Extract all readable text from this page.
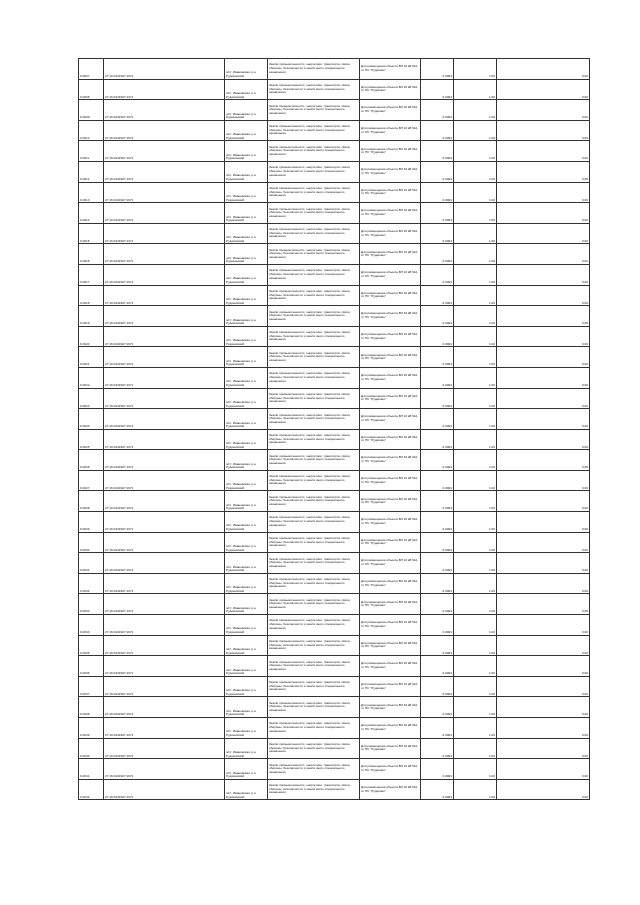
0.0007	27:16:0441907:1071	п/ст. Ивановская, р-н Рудиковский	Земли промышленности, энергетики, транспорта, связи, обороны, безопасности и земли иного специального назначения	Для размещения объекта ВЛ 10 кВ №1 от ПС "Рудиково"	0.0004	1.00	0.00
0.0008	27:16:0441907:1071	п/ст. Ивановская, р-н Рудиковский	Земли промышленности, энергетики, транспорта, связи, обороны, безопасности и земли иного специального назначения	Для размещения объекта ВЛ 10 кВ №1 от ПС "Рудиково"	0.0004	1.00	0.00
0.0009	27:16:0441907:1071	п/ст. Ивановская, р-н Рудиковский	Земли промышленности, энергетики, транспорта, связи, обороны, безопасности и земли иного специального назначения	Для размещения объекта ВЛ 10 кВ №1 от ПС "Рудиково"	0.0004	1.00	0.00
0.0010	27:16:0441907:1071	п/ст. Ивановская, р-н Рудиковский	Земли промышленности, энергетики, транспорта, связи, обороны, безопасности и земли иного специального назначения	Для размещения объекта ВЛ 10 кВ №1 от ПС "Рудиково"	0.0004	1.00	0.00
0.0011	27:16:0441907:1071	п/ст. Ивановская, р-н Рудиковский	Земли промышленности, энергетики, транспорта, связи, обороны, безопасности и земли иного специального назначения	Для размещения объекта ВЛ 10 кВ №1 от ПС "Рудиково"	0.0004	1.00	0.00
0.0012	27:16:0441907:1071	п/ст. Ивановская, р-н Рудиковский	Земли промышленности, энергетики, транспорта, связи, обороны, безопасности и земли иного специального назначения	Для размещения объекта ВЛ 10 кВ №1 от ПС "Рудиково"	0.0004	1.00	0.00
0.0013	27:16:0441907:1071	п/ст. Ивановская, р-н Рудиковский	Земли промышленности, энергетики, транспорта, связи, обороны, безопасности и земли иного специального назначения	Для размещения объекта ВЛ 10 кВ №1 от ПС "Рудиково"	0.0004	1.00	0.00
0.0014	27:16:0441907:1071	п/ст. Ивановская, р-н Рудиковский	Земли промышленности, энергетики, транспорта, связи, обороны, безопасности и земли иного специального назначения	Для размещения объекта ВЛ 10 кВ №1 от ПС "Рудиково"	0.0004	1.00	0.00
0.0015	27:16:0441907:1071	п/ст. Ивановская, р-н Рудиковский	Земли промышленности, энергетики, транспорта, связи, обороны, безопасности и земли иного специального назначения	Для размещения объекта ВЛ 10 кВ №1 от ПС "Рудиково"	0.0004	1.00	0.00
0.0016	27:16:0441907:1071	п/ст. Ивановская, р-н Рудиковский	Земли промышленности, энергетики, транспорта, связи, обороны, безопасности и земли иного специального назначения	Для размещения объекта ВЛ 10 кВ №1 от ПС "Рудиково"	0.0004	1.00	0.00
0.0017	27:16:0441907:1071	п/ст. Ивановская, р-н Рудиковский	Земли промышленности, энергетики, транспорта, связи, обороны, безопасности и земли иного специального назначения	Для размещения объекта ВЛ 10 кВ №1 от ПС "Рудиково"	0.0004	1.00	0.00
0.0018	27:16:0441907:1071	п/ст. Ивановская, р-н Рудиковский	Земли промышленности, энергетики, транспорта, связи, обороны, безопасности и земли иного специального назначения	Для размещения объекта ВЛ 10 кВ №1 от ПС "Рудиково"	0.0004	1.00	0.00
0.0019	27:16:0441907:1071	п/ст. Ивановская, р-н Рудиковский	Земли промышленности, энергетики, транспорта, связи, обороны, безопасности и земли иного специального назначения	Для размещения объекта ВЛ 10 кВ №1 от ПС "Рудиково"	0.0004	1.00	0.00
0.0020	27:16:0441907:1071	п/ст. Ивановская, р-н Рудиковский	Земли промышленности, энергетики, транспорта, связи, обороны, безопасности и земли иного специального назначения	Для размещения объекта ВЛ 10 кВ №1 от ПС "Рудиково"	0.0004	1.00	0.00
0.0021	27:16:0441907:1071	п/ст. Ивановская, р-н Рудиковский	Земли промышленности, энергетики, транспорта, связи, обороны, безопасности и земли иного специального назначения	Для размещения объекта ВЛ 10 кВ №1 от ПС "Рудиково"	0.0004	1.00	0.00
0.0022	27:16:0441907:1071	п/ст. Ивановская, р-н Рудиковский	Земли промышленности, энергетики, транспорта, связи, обороны, безопасности и земли иного специального назначения	Для размещения объекта ВЛ 10 кВ №1 от ПС "Рудиково"	0.0004	1.00	0.00
0.0023	27:16:0441907:1071	п/ст. Ивановская, р-н Рудиковский	Земли промышленности, энергетики, транспорта, связи, обороны, безопасности и земли иного специального назначения	Для размещения объекта ВЛ 10 кВ №1 от ПС "Рудиково"	0.0004	1.00	0.00
0.0024	27:16:0441907:1071	п/ст. Ивановская, р-н Рудиковский	Земли промышленности, энергетики, транспорта, связи, обороны, безопасности и земли иного специального назначения	Для размещения объекта ВЛ 10 кВ №1 от ПС "Рудиково"	0.0004	1.00	0.00
0.0025	27:16:0441907:1071	п/ст. Ивановская, р-н Рудиковский	Земли промышленности, энергетики, транспорта, связи, обороны, безопасности и земли иного специального назначения	Для размещения объекта ВЛ 10 кВ №1 от ПС "Рудиково"	0.0004	1.00	0.00
0.0026	27:16:0441907:1071	п/ст. Ивановская, р-н Рудиковский	Земли промышленности, энергетики, транспорта, связи, обороны, безопасности и земли иного специального назначения	Для размещения объекта ВЛ 10 кВ №1 от ПС "Рудиково"	0.0004	1.00	0.00
0.0027	27:16:0441907:1071	п/ст. Ивановская, р-н Рудиковский	Земли промышленности, энергетики, транспорта, связи, обороны, безопасности и земли иного специального назначения	Для размещения объекта ВЛ 10 кВ №1 от ПС "Рудиково"	0.0004	1.00	0.00
0.0028	27:16:0441907:1071	п/ст. Ивановская, р-н Рудиковский	Земли промышленности, энергетики, транспорта, связи, обороны, безопасности и земли иного специального назначения	Для размещения объекта ВЛ 10 кВ №1 от ПС "Рудиково"	0.0004	1.00	0.00
0.0029	27:16:0441907:1071	п/ст. Ивановская, р-н Рудиковский	Земли промышленности, энергетики, транспорта, связи, обороны, безопасности и земли иного специального назначения	Для размещения объекта ВЛ 10 кВ №1 от ПС "Рудиково"	0.0004	1.00	0.00
0.0030	27:16:0441907:1071	п/ст. Ивановская, р-н Рудиковский	Земли промышленности, энергетики, транспорта, связи, обороны, безопасности и земли иного специального назначения	Для размещения объекта ВЛ 10 кВ №1 от ПС "Рудиково"	0.0004	1.00	0.00
0.0031	27:16:0441907:1071	п/ст. Ивановская, р-н Рудиковский	Земли промышленности, энергетики, транспорта, связи, обороны, безопасности и земли иного специального назначения	Для размещения объекта ВЛ 10 кВ №1 от ПС "Рудиково"	0.0004	1.00	0.00
0.0032	27:16:0441907:1071	п/ст. Ивановская, р-н Рудиковский	Земли промышленности, энергетики, транспорта, связи, обороны, безопасности и земли иного специального назначения	Для размещения объекта ВЛ 10 кВ №1 от ПС "Рудиково"	0.0004	1.00	0.00
0.0033	27:16:0441907:1071	п/ст. Ивановская, р-н Рудиковский	Земли промышленности, энергетики, транспорта, связи, обороны, безопасности и земли иного специального назначения	Для размещения объекта ВЛ 10 кВ №1 от ПС "Рудиково"	0.0004	1.00	0.00
0.0034	27:16:0441907:1071	п/ст. Ивановская, р-н Рудиковский	Земли промышленности, энергетики, транспорта, связи, обороны, безопасности и земли иного специального назначения	Для размещения объекта ВЛ 10 кВ №1 от ПС "Рудиково"	0.0004	1.00	0.00
0.0035	27:16:0441907:1071	п/ст. Ивановская, р-н Рудиковский	Земли промышленности, энергетики, транспорта, связи, обороны, безопасности и земли иного специального назначения	Для размещения объекта ВЛ 10 кВ №1 от ПС "Рудиково"	0.0004	1.00	0.00
0.0036	27:16:0441907:1071	п/ст. Ивановская, р-н Рудиковский	Земли промышленности, энергетики, транспорта, связи, обороны, безопасности и земли иного специального назначения	Для размещения объекта ВЛ 10 кВ №1 от ПС "Рудиково"	0.0004	1.00	0.00
0.0037	27:16:0441907:1071	п/ст. Ивановская, р-н Рудиковский	Земли промышленности, энергетики, транспорта, связи, обороны, безопасности и земли иного специального назначения	Для размещения объекта ВЛ 10 кВ №1 от ПС "Рудиково"	0.0004	1.00	0.00
0.0038	27:16:0441907:1071	п/ст. Ивановская, р-н Рудиковский	Земли промышленности, энергетики, транспорта, связи, обороны, безопасности и земли иного специального назначения	Для размещения объекта ВЛ 10 кВ №1 от ПС "Рудиково"	0.0004	1.00	0.00
0.0039	27:16:0441907:1071	п/ст. Ивановская, р-н Рудиковский	Земли промышленности, энергетики, транспорта, связи, обороны, безопасности и земли иного специального назначения	Для размещения объекта ВЛ 10 кВ №1 от ПС "Рудиково"	0.0004	1.00	0.00
0.0040	27:16:0441907:1071	п/ст. Ивановская, р-н Рудиковский	Земли промышленности, энергетики, транспорта, связи, обороны, безопасности и земли иного специального назначения	Для размещения объекта ВЛ 10 кВ №1 от ПС "Рудиково"	0.0004	1.00	0.00
0.0041	27:16:0441907:1071	п/ст. Ивановская, р-н Рудиковский	Земли промышленности, энергетики, транспорта, связи, обороны, безопасности и земли иного специального назначения	Для размещения объекта ВЛ 10 кВ №1 от ПС "Рудиково"	0.0004	1.00	0.00
0.0042	27:16:0441907:1071	п/ст. Ивановская, р-н Рудиковский	Земли промышленности, энергетики, транспорта, связи, обороны, безопасности и земли иного специального назначения	Для размещения объекта ВЛ 10 кВ №1 от ПС "Рудиково"	0.0004	1.00	0.00
